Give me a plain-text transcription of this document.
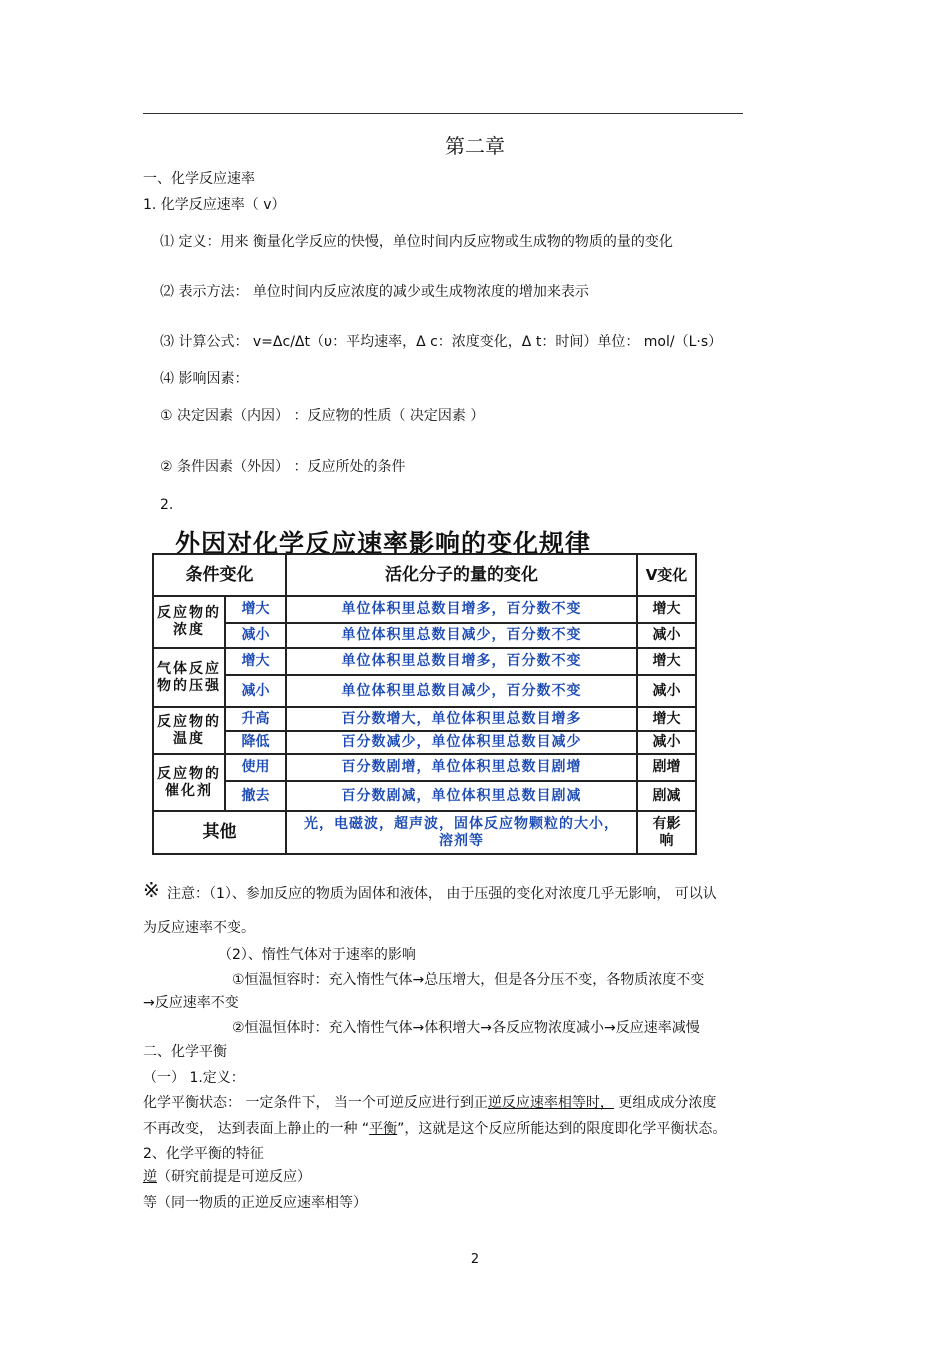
第二章
一、化学反应速率
1. 化学反应速率（ v）
⑴ 定义：用来 衡量化学反应的快慢，单位时间内反应物或生成物的物质的量的变化
⑵ 表示方法： 单位时间内反应浓度的减少或生成物浓度的增加来表示
⑶ 计算公式： v=Δc/Δt（υ：平均速率，Δ c：浓度变化，Δ t：时间）单位： mol/（L·s）
⑷ 影响因素：
① 决定因素（内因） ：反应物的性质（ 决定因素 ）
② 条件因素（外因） ：反应所处的条件
2.
外因对化学反应速率影响的变化规律
条件变化		活化分子的量的变化	V变化
反应物的浓度	增大	单位体积里总数目增多，百分数不变	增大
	减小	单位体积里总数目减少，百分数不变	减小
气体反应物的压强	增大	单位体积里总数目增多，百分数不变	增大
	减小	单位体积里总数目减少，百分数不变	减小
反应物的温度	升高	百分数增大，单位体积里总数目增多	增大
	降低	百分数减少，单位体积里总数目减少	减小
反应物的催化剂	使用	百分数剧增，单位体积里总数目剧增	剧增
	撤去	百分数剧减，单位体积里总数目剧减	剧减
其他		光，电磁波，超声波，固体反应物颗粒的大小，溶剂等	有影响
※ 注意：（1）、参加反应的物质为固体和液体， 由于压强的变化对浓度几乎无影响， 可以认
为反应速率不变。
（2）、惰性气体对于速率的影响
①恒温恒容时：充入惰性气体→总压增大，但是各分压不变，各物质浓度不变
→反应速率不变
②恒温恒体时：充入惰性气体→体积增大→各反应物浓度减小→反应速率减慢
二、化学平衡
（一） 1.定义：
化学平衡状态： 一定条件下， 当一个可逆反应进行到正逆反应速率相等时， 更组成成分浓度
不再改变， 达到表面上静止的一种 “平衡”，这就是这个反应所能达到的限度即化学平衡状态。
2、化学平衡的特征
逆（研究前提是可逆反应）
等（同一物质的正逆反应速率相等）
2
